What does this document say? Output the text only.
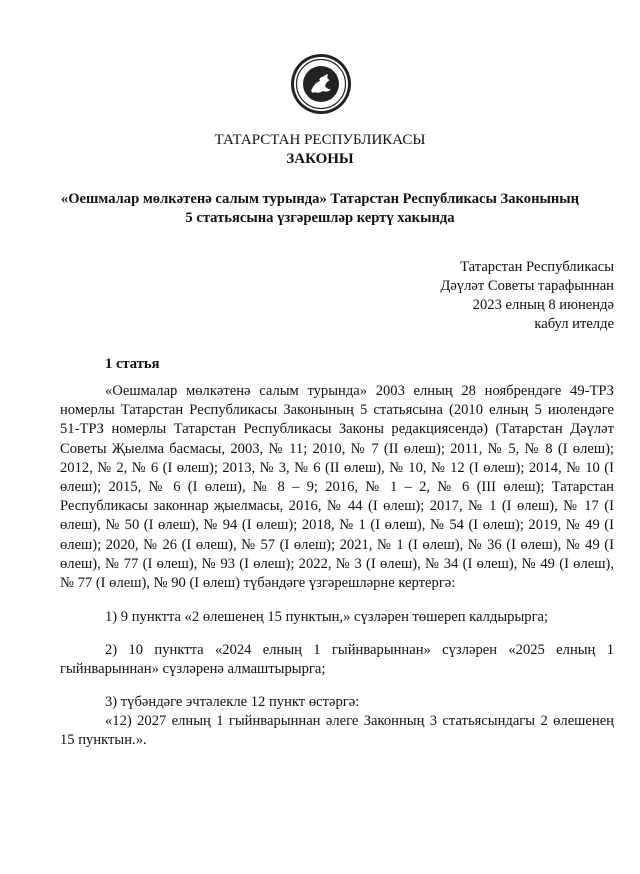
ТАТАРСТАН РЕСПУБЛИКАСЫ
ЗАКОНЫ
«Оешмалар мөлкәтенә салым турында» Татарстан Республикасы Законының
5 статьясына үзгәрешләр кертү хакында
Татарстан Республикасы
Дәүләт Советы тарафыннан
2023 елның 8 июнендә
кабул ителде
1 статья

«Оешмалар мөлкәтенә салым турында» 2003 елның 28 ноябрендәге 49-ТРЗ номерлы Татарстан Республикасы Законының 5 статьясына (2010 елның 5 июлендәге 51-ТРЗ номерлы Татарстан Республикасы Законы редакциясендә) (Татарстан Дәүләт Советы Җыелма басмасы, 2003, № 11; 2010, № 7 (II өлеш); 2011, № 5, № 8 (I өлеш); 2012, № 2, № 6 (I өлеш); 2013, № 3, № 6 (II өлеш), № 10, № 12 (I өлеш); 2014, № 10 (I өлеш); 2015, № 6 (I өлеш), № 8 – 9; 2016, № 1 – 2, № 6 (III өлеш); Татарстан Республикасы законнар җыелмасы, 2016, № 44 (I өлеш); 2017, № 1 (I өлеш), № 17 (I өлеш), № 50 (I өлеш), № 94 (I өлеш); 2018, № 1 (I өлеш), № 54 (I өлеш); 2019, № 49 (I өлеш); 2020, № 26 (I өлеш), № 57 (I өлеш); 2021, № 1 (I өлеш), № 36 (I өлеш), № 49 (I өлеш), № 77 (I өлеш), № 93 (I өлеш); 2022, № 3 (I өлеш), № 34 (I өлеш), № 49 (I өлеш), № 77 (I өлеш), № 90 (I өлеш) түбәндәге үзгәрешләрне кертергә:

1) 9 пунктта «2 өлешенең 15 пунктын,» сүзләрен төшереп калдырырга;

2) 10 пунктта «2024 елның 1 гыйнварыннан» сүзләрен «2025 елның 1 гыйнварыннан» сүзләренә алмаштырырга;

3) түбәндәге эчтәлекле 12 пункт өстәргә:

«12) 2027 елның 1 гыйнварыннан әлеге Законның 3 статьясындагы 2 өлешенең 15 пунктын.».
